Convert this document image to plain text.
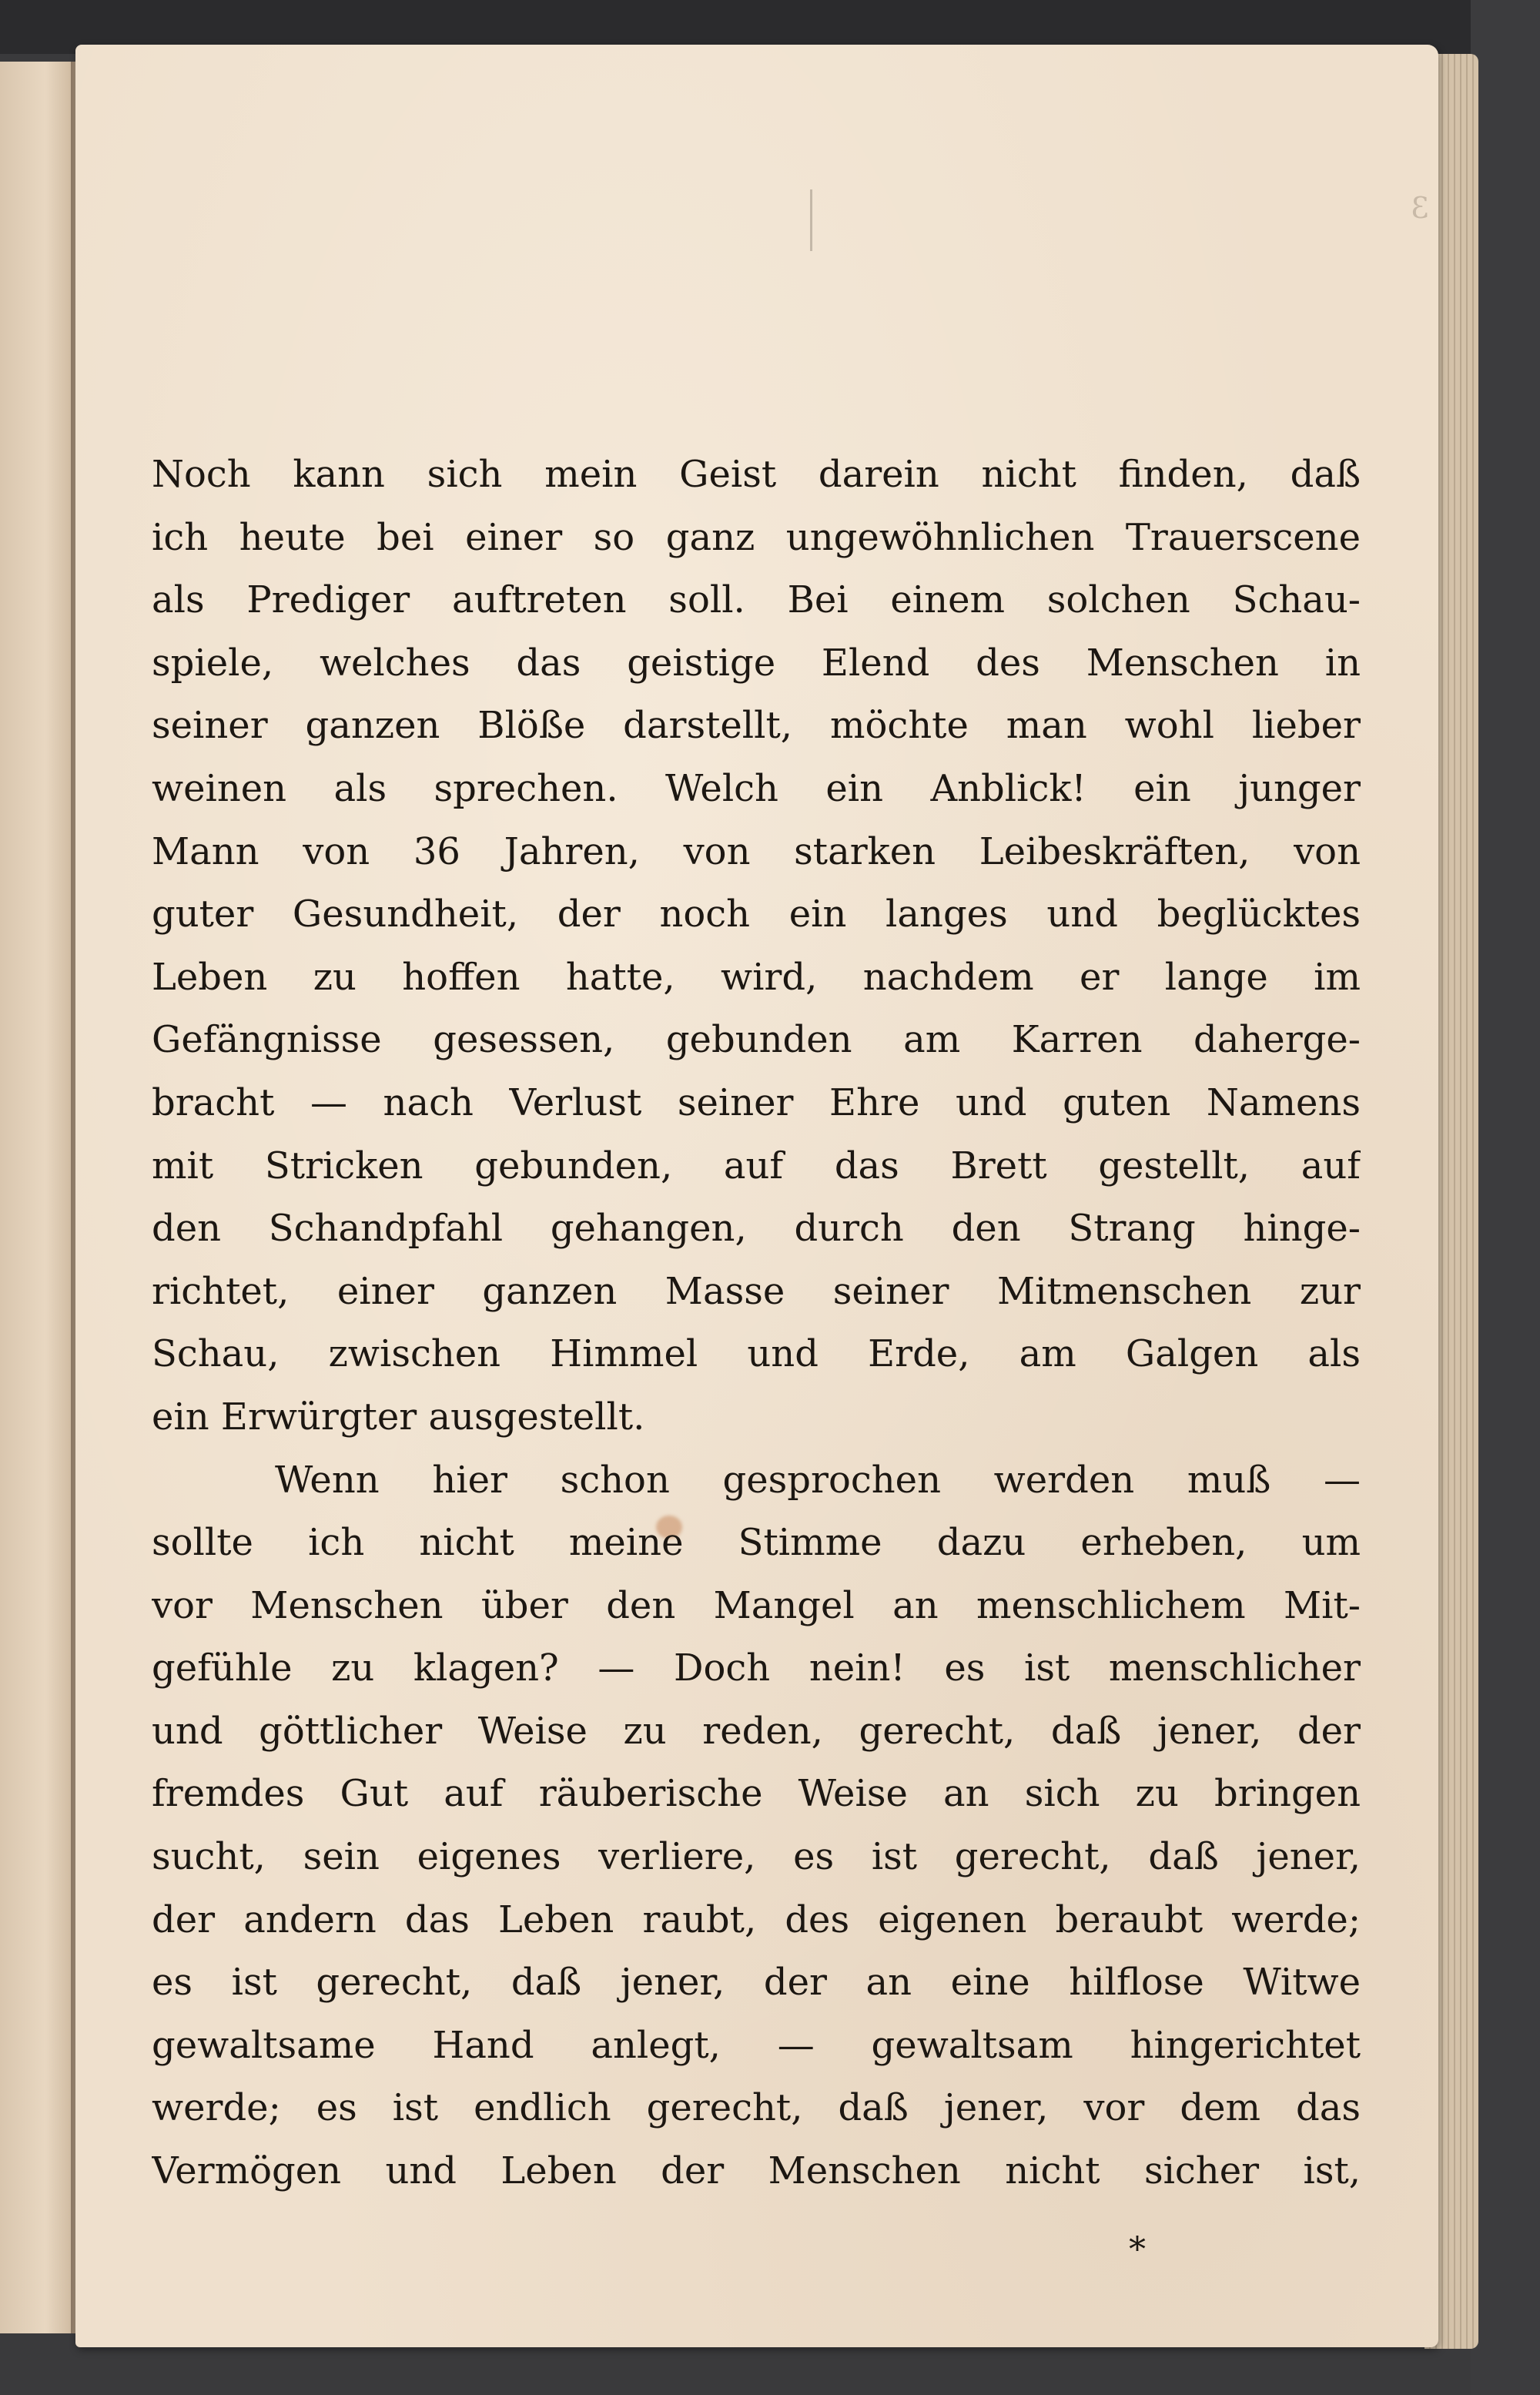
3

Noch kann sich mein Geist darein nicht finden, daß
ich heute bei einer so ganz ungewöhnlichen Trauerscene
als Prediger auftreten soll. Bei einem solchen Schau-
spiele, welches das geistige Elend des Menschen in
seiner ganzen Blöße darstellt, möchte man wohl lieber
weinen als sprechen. Welch ein Anblick! ein junger
Mann von 36 Jahren, von starken Leibeskräften, von
guter Gesundheit, der noch ein langes und beglücktes
Leben zu hoffen hatte, wird, nachdem er lange im
Gefängnisse gesessen, gebunden am Karren daherge-
bracht — nach Verlust seiner Ehre und guten Namens
mit Stricken gebunden, auf das Brett gestellt, auf
den Schandpfahl gehangen, durch den Strang hinge-
richtet, einer ganzen Masse seiner Mitmenschen zur
Schau, zwischen Himmel und Erde, am Galgen als
ein Erwürgter ausgestellt.

Wenn hier schon gesprochen werden muß —
sollte ich nicht meine Stimme dazu erheben, um
vor Menschen über den Mangel an menschlichem Mit-
gefühle zu klagen? — Doch nein! es ist menschlicher
und göttlicher Weise zu reden, gerecht, daß jener, der
fremdes Gut auf räuberische Weise an sich zu bringen
sucht, sein eigenes verliere, es ist gerecht, daß jener,
der andern das Leben raubt, des eigenen beraubt werde;
es ist gerecht, daß jener, der an eine hilflose Witwe
gewaltsame Hand anlegt, — gewaltsam hingerichtet
werde; es ist endlich gerecht, daß jener, vor dem das
Vermögen und Leben der Menschen nicht sicher ist,

*
